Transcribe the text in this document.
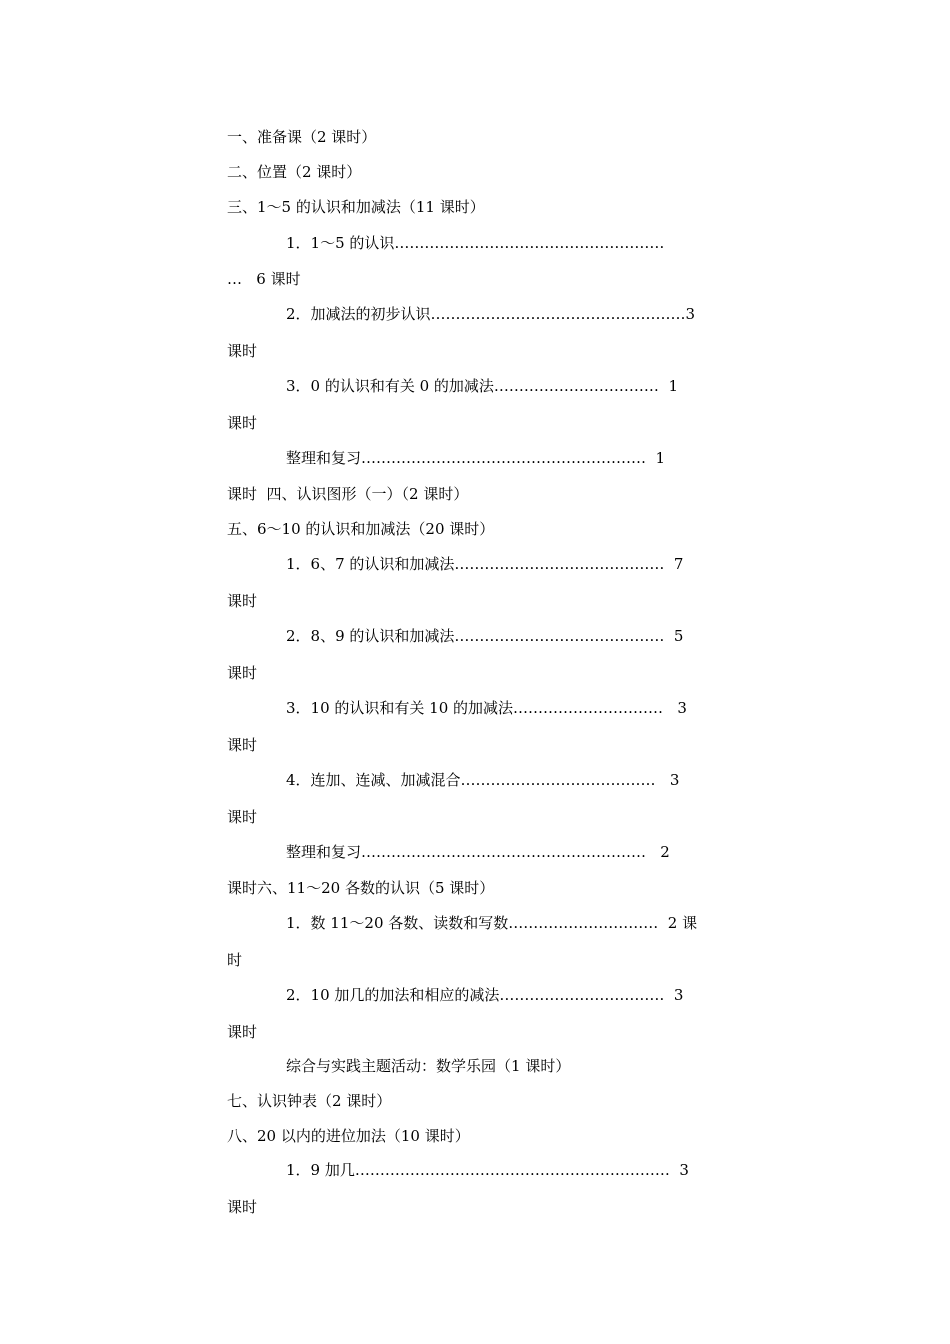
一、准备课（2 课时）

二、位置（2 课时）

三、1～5 的认识和加减法（11 课时）

1．1～5 的认识………………………………………………

…   6 课时

2．加减法的初步认识……………………………………………3

课时

3．0 的认识和有关 0 的加减法……………………………  1

课时

整理和复习…………………………………………………  1

课时  四、认识图形（一）（2 课时）

五、6～10 的认识和加减法（20 课时）

1．6、7 的认识和加减法……………………………………  7

课时

2．8、9 的认识和加减法……………………………………  5

课时

3．10 的认识和有关 10 的加减法…………………………   3

课时

4．连加、连减、加减混合…………………………………   3

课时

整理和复习…………………………………………………   2

课时六、11～20 各数的认识（5 课时）

1．数 11～20 各数、读数和写数…………………………  2 课

时

2．10 加几的加法和相应的减法……………………………  3

课时

综合与实践主题活动：数学乐园（1 课时）

七、认识钟表（2 课时）

八、20 以内的进位加法（10 课时）

1．9 加几………………………………………………………  3

课时
